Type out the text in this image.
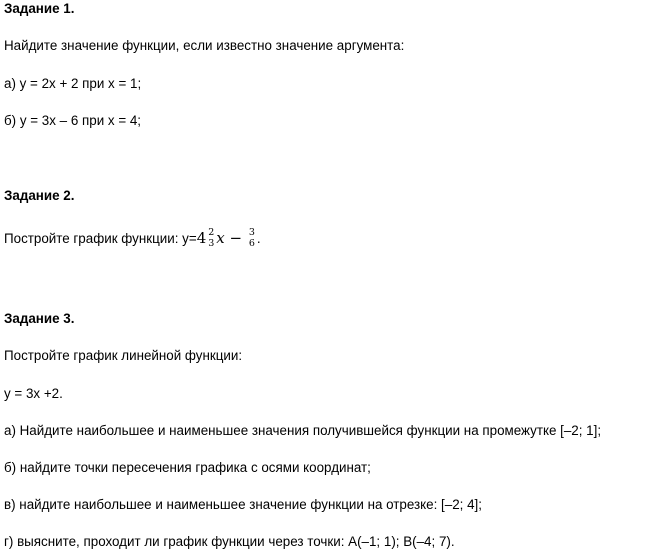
Задание 1.
Найдите значение функции, если известно значение аргумента:
а) y = 2x + 2 при x = 1;
б) y = 3x – 6 при x = 4;
Задание 2.
Постройте график функции: y=4 2
3 x − 3
6 .
Задание 3.
Постройте график линейной функции:
y = 3x +2.
а) Найдите наибольшее и наименьшее значения получившейся функции на промежутке [–2; 1];
б) найдите точки пересечения графика с осями координат;
в) найдите наибольшее и наименьшее значение функции на отрезке: [–2; 4];
г) выясните, проходит ли график функции через точки: А(–1; 1); В(–4; 7).
